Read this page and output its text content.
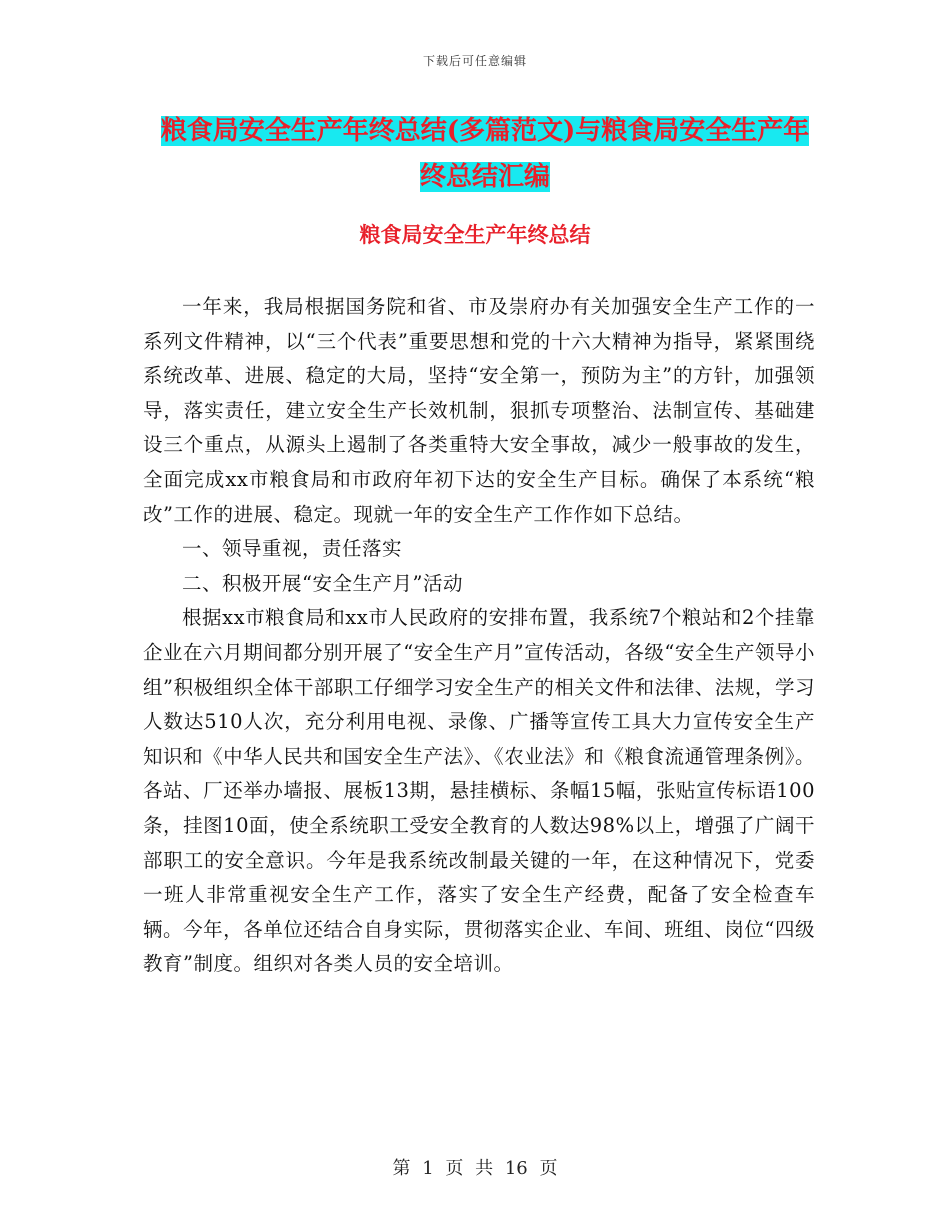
下载后可任意编辑
粮食局安全生产年终总结(多篇范文)与粮食局安全生产年终总结汇编
粮食局安全生产年终总结

一年来，我局根据国务院和省、市及崇府办有关加强安全生产工作的一系列文件精神，以“三个代表”重要思想和党的十六大精神为指导，紧紧围绕系统改革、进展、稳定的大局，坚持“安全第一，预防为主”的方针，加强领导，落实责任，建立安全生产长效机制，狠抓专项整治、法制宣传、基础建设三个重点，从源头上遏制了各类重特大安全事故，减少一般事故的发生，全面完成xx市粮食局和市政府年初下达的安全生产目标。确保了本系统“粮改”工作的进展、稳定。现就一年的安全生产工作作如下总结。

一、领导重视，责任落实

二、积极开展“安全生产月”活动

根据xx市粮食局和xx市人民政府的安排布置，我系统7个粮站和2个挂靠企业在六月期间都分别开展了“安全生产月”宣传活动，各级“安全生产领导小组”积极组织全体干部职工仔细学习安全生产的相关文件和法律、法规，学习人数达510人次，充分利用电视、录像、广播等宣传工具大力宣传安全生产知识和《中华人民共和国安全生产法》、《农业法》和《粮食流通管理条例》。各站、厂还举办墙报、展板13期，悬挂横标、条幅15幅，张贴宣传标语100条，挂图10面，使全系统职工受安全教育的人数达98%以上，增强了广阔干部职工的安全意识。今年是我系统改制最关键的一年，在这种情况下，党委一班人非常重视安全生产工作，落实了安全生产经费，配备了安全检查车辆。今年，各单位还结合自身实际，贯彻落实企业、车间、班组、岗位“四级教育”制度。组织对各类人员的安全培训。

第 1 页 共 16 页
